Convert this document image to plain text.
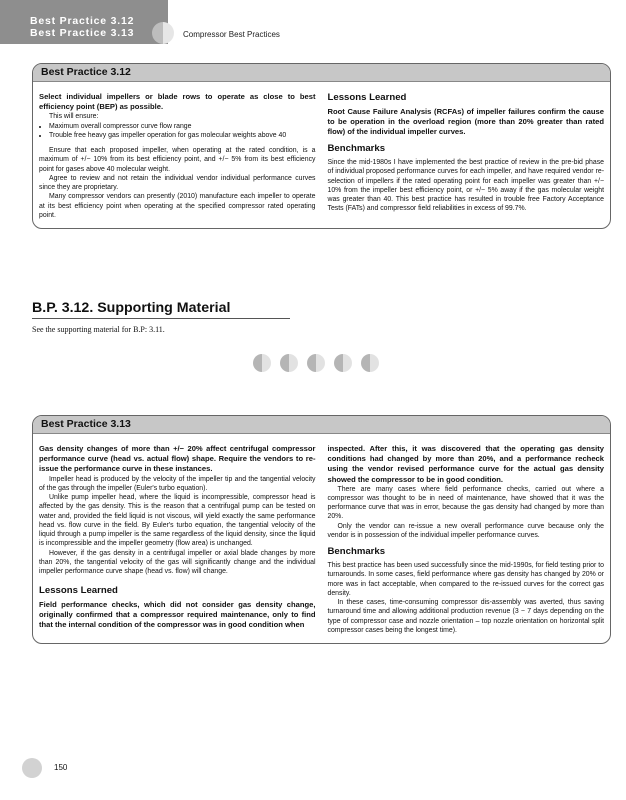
Best Practice 3.12
Best Practice 3.13	Compressor Best Practices
Best Practice 3.12

Select individual impellers or blade rows to operate as close to best efficiency point (BEP) as possible.

This will ensure:

• Maximum overall compressor curve flow range
• Trouble free heavy gas impeller operation for gas molecular weights above 40

Ensure that each proposed impeller, when operating at the rated condition, is a maximum of +/− 10% from its best efficiency point, and +/− 5% from its best efficiency point for gases above 40 molecular weight.

Agree to review and not retain the individual vendor individual performance curves since they are proprietary.

Many compressor vendors can presently (2010) manufacture each impeller to operate at its best efficiency point when operating at the specified compressor rated operating point.

Lessons Learned

Root Cause Failure Analysis (RCFAs) of impeller failures confirm the cause to be operation in the overload region (more than 20% greater than rated flow) of the individual impeller curves.

Benchmarks

Since the mid-1980s I have implemented the best practice of review in the pre-bid phase of individual proposed performance curves for each impeller, and have required vendor re-selection of impellers if the rated operating point for each impeller was greater than +/− 10% from the impeller best efficiency point, or +/− 5% away if the gas molecular weight was greater than 40. This best practice has resulted in trouble free Factory Acceptance Tests (FATs) and compressor field reliabilities in excess of 99.7%.

B.P. 3.12. Supporting Material
See the supporting material for B.P: 3.11.
Best Practice 3.13

Gas density changes of more than +/− 20% affect centrifugal compressor performance curve (head vs. actual flow) shape. Require the vendors to re-issue the performance curve in these instances.

Impeller head is produced by the velocity of the impeller tip and the tangential velocity of the gas through the impeller (Euler's turbo equation).

Unlike pump impeller head, where the liquid is incompressible, compressor head is affected by the gas density. This is the reason that a centrifugal pump can be tested on water and, provided the field liquid is not viscous, will yield exactly the same performance head vs. flow curve in the field. By Euler's turbo equation, the tangential velocity of the liquid through a pump impeller is the same regardless of the liquid density, since the liquid is incompressible and the impeller geometry (flow area) is unchanged.

However, if the gas density in a centrifugal impeller or axial blade changes by more than 20%, the tangential velocity of the gas will significantly change and the individual impeller performance curve shape (head vs. flow) will change.

Lessons Learned

Field performance checks, which did not consider gas density change, originally confirmed that a compressor required maintenance, only to find that the internal condition of the compressor was in good condition when

inspected. After this, it was discovered that the operating gas density conditions had changed by more than 20%, and a performance recheck using the vendor revised performance curve for the actual gas density showed the compressor to be in good condition.

There are many cases where field performance checks, carried out where a compressor was thought to be in need of maintenance, have showed that it was the performance curve that was in error, because the gas density had changed by more than 20%.

Only the vendor can re-issue a new overall performance curve because only the vendor is in possession of the individual impeller performance curves.

Benchmarks

This best practice has been used successfully since the mid-1990s, for field testing prior to turnarounds. In some cases, field performance where gas density has changed by 20% or more was in fact acceptable, when compared to the re-issued curves for the correct gas density.

In these cases, time-consuming compressor dis-assembly was averted, thus saving turnaround time and allowing additional production revenue (3 − 7 days depending on the type of compressor case and nozzle orientation – top nozzle orientation on horizontal split compressor cases being the longest time).

150
